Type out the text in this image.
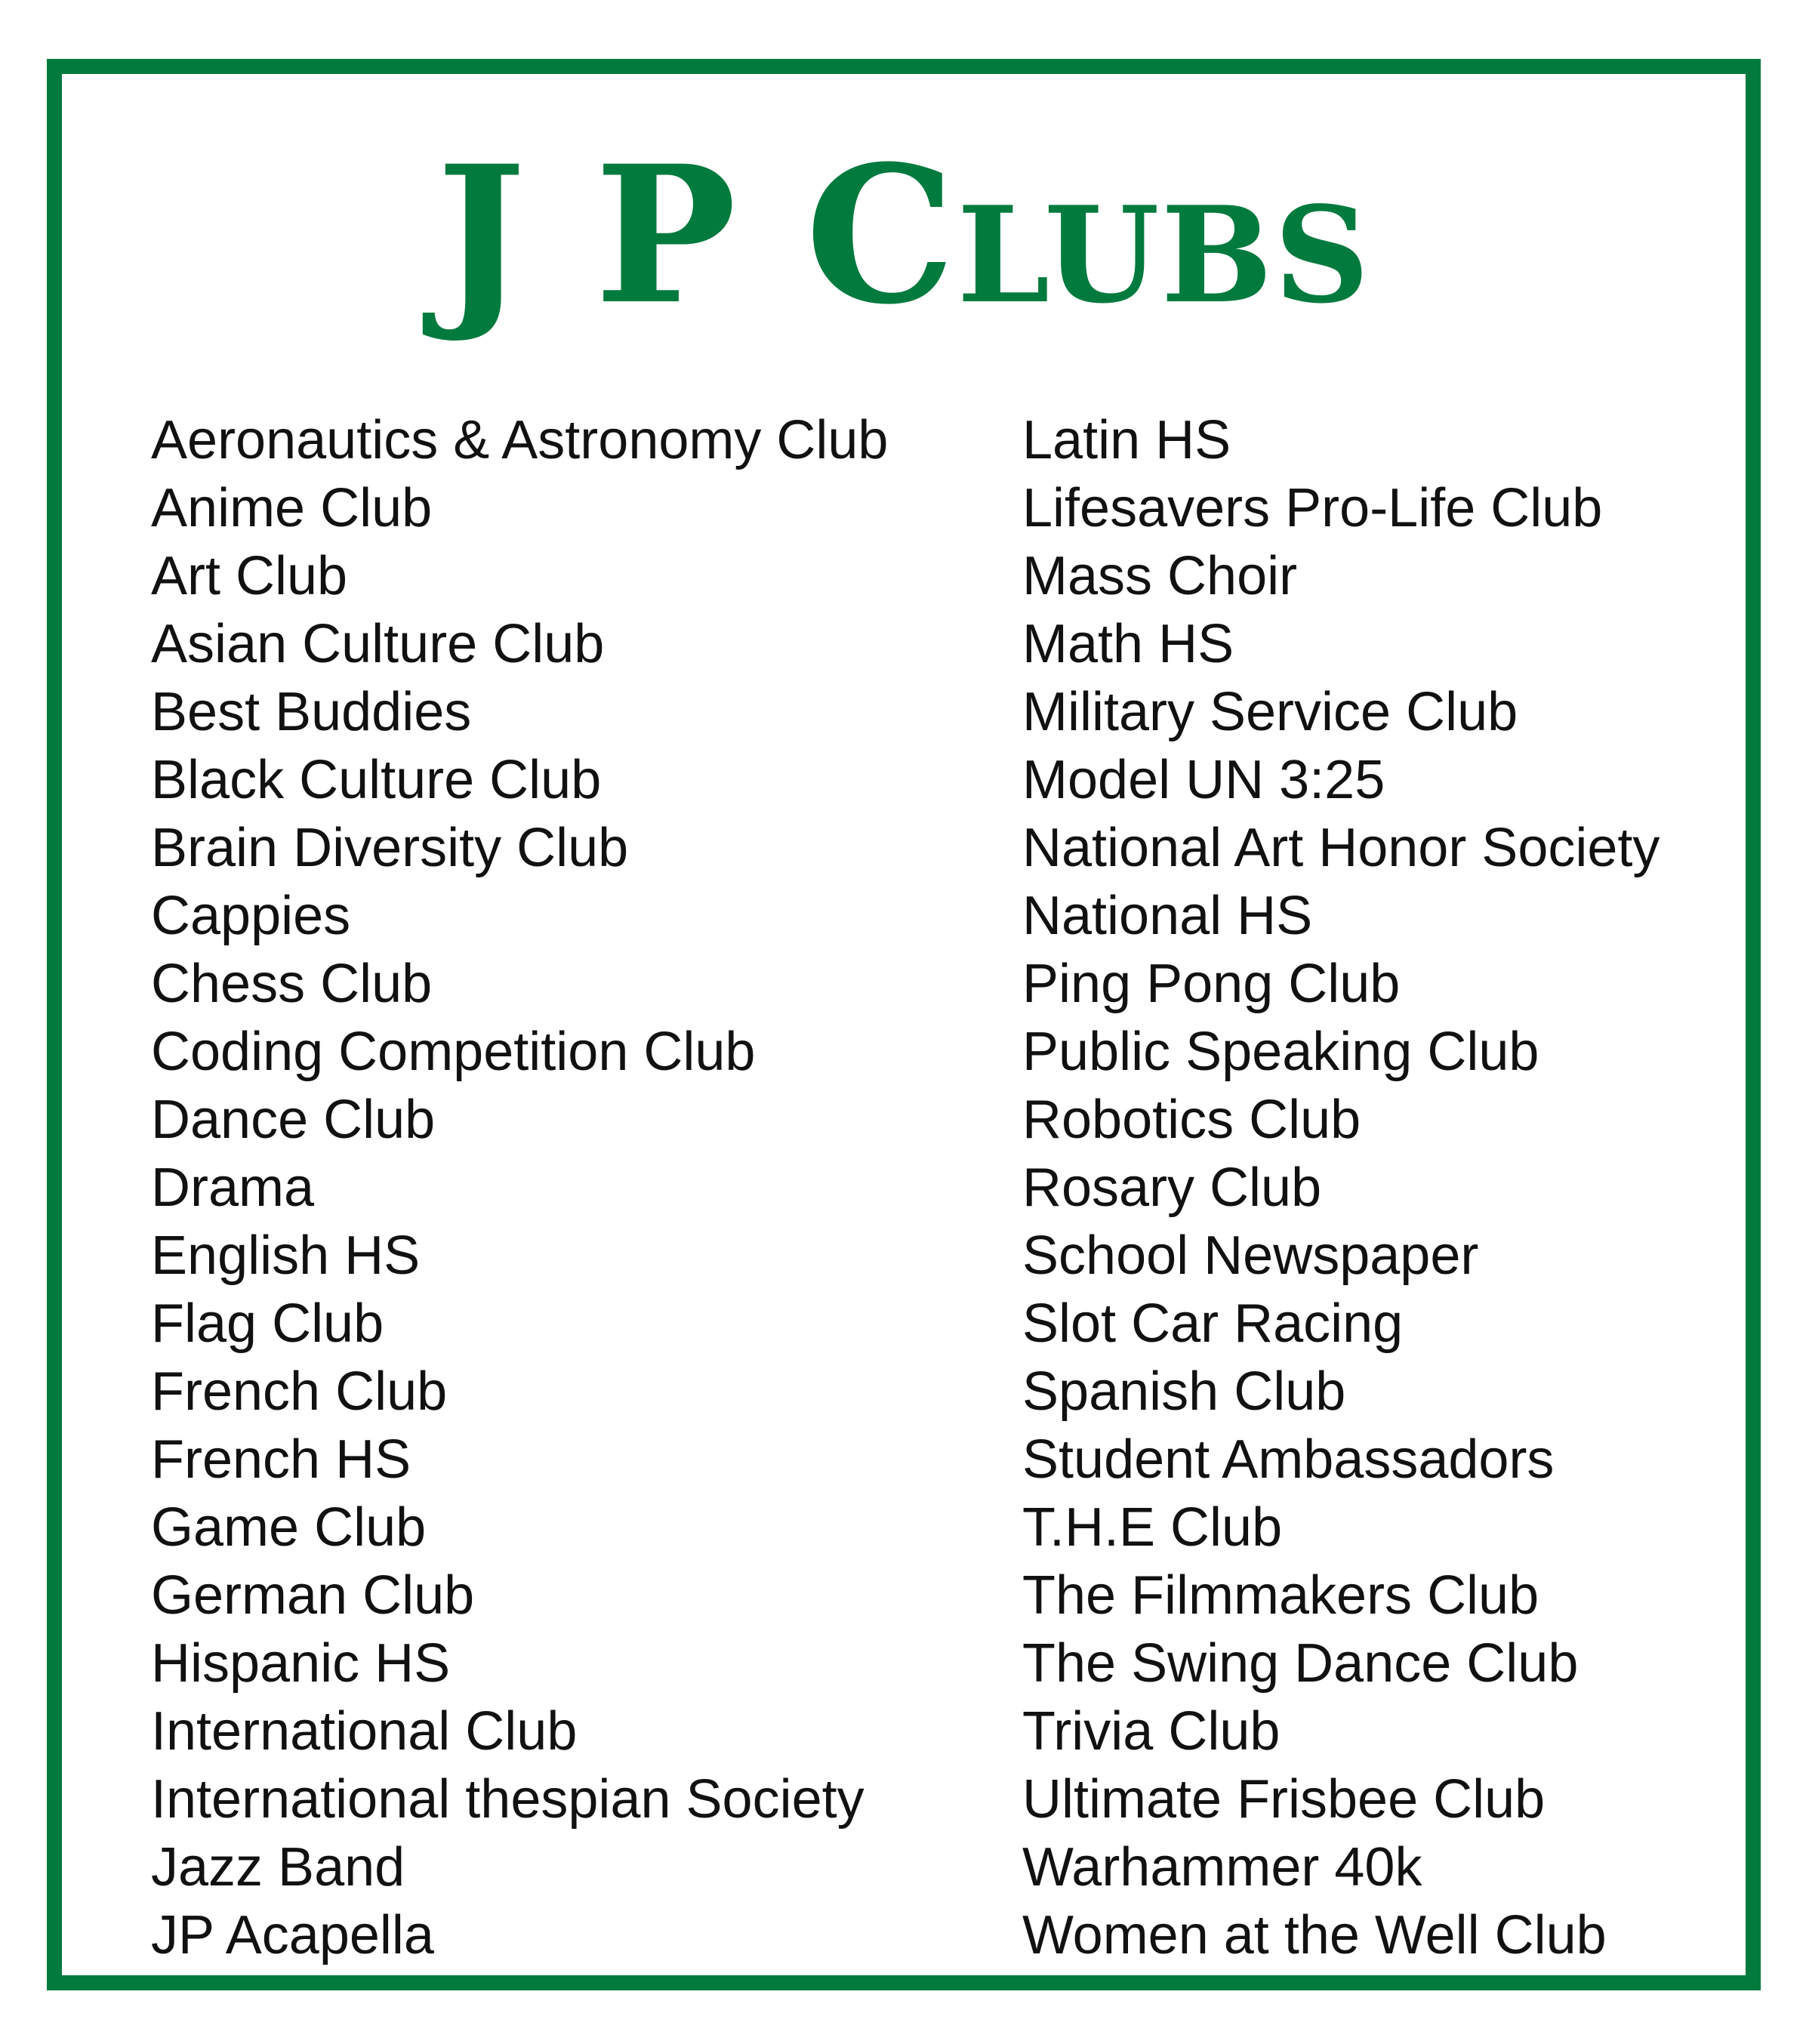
J P Clubs
Aeronautics & Astronomy Club
Anime Club
Art Club
Asian Culture Club
Best Buddies
Black Culture Club
Brain Diversity Club
Cappies
Chess Club
Coding Competition Club
Dance Club
Drama
English HS
Flag Club
French Club
French HS
Game Club
German Club
Hispanic HS
International Club
International thespian Society
Jazz Band
JP Acapella
Latin HS
Lifesavers Pro-Life Club
Mass Choir
Math HS
Military Service Club
Model UN 3:25
National Art Honor Society
National HS
Ping Pong Club
Public Speaking Club
Robotics Club
Rosary Club
School Newspaper
Slot Car Racing
Spanish Club
Student Ambassadors
T.H.E Club
The Filmmakers Club
The Swing Dance Club
Trivia Club
Ultimate Frisbee Club
Warhammer 40k
Women at the Well Club
